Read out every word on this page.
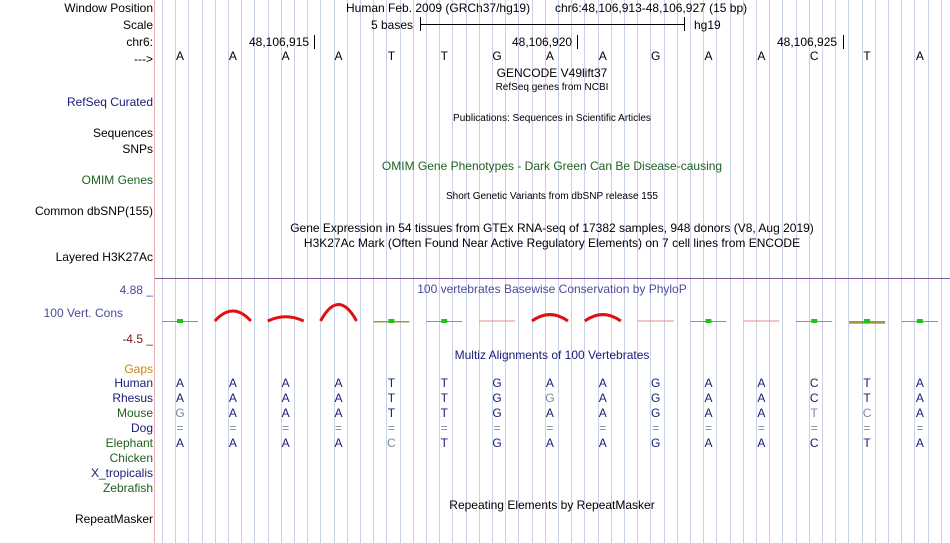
Window Position
Scale
chr6:
--->
Human Feb. 2009 (GRCh37/hg19) chr6:48,106,913-48,106,927 (15 bp)
5 bases	hg19
48,106,915	48,106,920	48,106,925
A	A	A	A	T	T	G	A	A	G	A	A	C	T	A
GENCODE V49lift37
RefSeq genes from NCBI
RefSeq Curated
Publications: Sequences in Scientific Articles
Sequences
SNPs
OMIM Gene Phenotypes - Dark Green Can Be Disease-causing
OMIM Genes
Short Genetic Variants from dbSNP release 155
Common dbSNP(155)
Gene Expression in 54 tissues from GTEx RNA-seq of 17382 samples, 948 donors (V8, Aug 2019)
H3K27Ac Mark (Often Found Near Active Regulatory Elements) on 7 cell lines from ENCODE
Layered H3K27Ac
4.88 _	100 vertebrates Basewise Conservation by PhyloP
100 Vert. Cons
-4.5 _
Multiz Alignments of 100 Vertebrates
Gaps
Human	A	A	A	A	T	T	G	A	A	G	A	A	C	T	A
Rhesus	A	A	A	A	T	T	G	G	A	G	A	A	C	T	A
Mouse	G	A	A	A	T	T	G	A	A	G	A	A	T	C	A
Dog	=	=	=	=	=	=	=	=	=	=	=	=	=	=	=
Elephant	A	A	A	A	C	T	G	A	A	G	A	A	C	T	A
Chicken
X_tropicalis
Zebrafish
Repeating Elements by RepeatMasker
RepeatMasker
